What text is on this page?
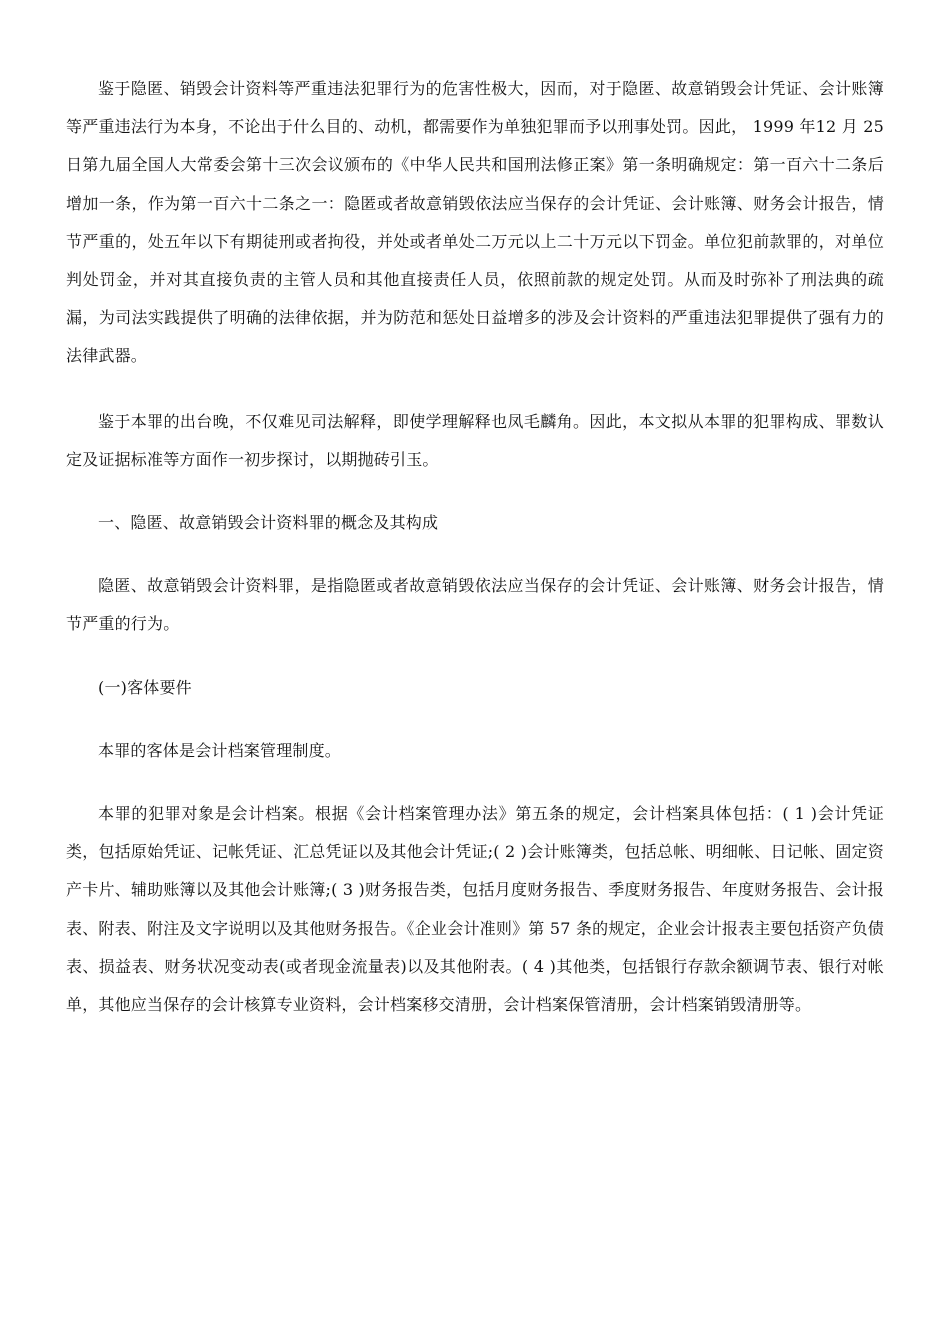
鉴于隐匿、销毁会计资料等严重违法犯罪行为的危害性极大，因而，对于隐匿、故意销毁会计凭证、会计账簿等严重违法行为本身，不论出于什么目的、动机，都需要作为单独犯罪而予以刑事处罚。因此， 1999 年12 月 25 日第九届全国人大常委会第十三次会议颁布的《中华人民共和国刑法修正案》第一条明确规定：第一百六十二条后增加一条，作为第一百六十二条之一：隐匿或者故意销毁依法应当保存的会计凭证、会计账簿、财务会计报告，情节严重的，处五年以下有期徒刑或者拘役，并处或者单处二万元以上二十万元以下罚金。单位犯前款罪的，对单位判处罚金，并对其直接负责的主管人员和其他直接责任人员，依照前款的规定处罚。从而及时弥补了刑法典的疏漏，为司法实践提供了明确的法律依据，并为防范和惩处日益增多的涉及会计资料的严重违法犯罪提供了强有力的法律武器。

鉴于本罪的出台晚，不仅难见司法解释，即使学理解释也凤毛麟角。因此，本文拟从本罪的犯罪构成、罪数认定及证据标准等方面作一初步探讨，以期抛砖引玉。

一、隐匿、故意销毁会计资料罪的概念及其构成

隐匿、故意销毁会计资料罪，是指隐匿或者故意销毁依法应当保存的会计凭证、会计账簿、财务会计报告，情节严重的行为。

(一)客体要件

本罪的客体是会计档案管理制度。

本罪的犯罪对象是会计档案。根据《会计档案管理办法》第五条的规定，会计档案具体包括：( 1 )会计凭证类，包括原始凭证、记帐凭证、汇总凭证以及其他会计凭证;( 2 )会计账簿类，包括总帐、明细帐、日记帐、固定资产卡片、辅助账簿以及其他会计账簿;( 3 )财务报告类，包括月度财务报告、季度财务报告、年度财务报告、会计报表、附表、附注及文字说明以及其他财务报告。《企业会计准则》第 57 条的规定，企业会计报表主要包括资产负债表、损益表、财务状况变动表(或者现金流量表)以及其他附表。( 4 )其他类，包括银行存款余额调节表、银行对帐单，其他应当保存的会计核算专业资料，会计档案移交清册，会计档案保管清册，会计档案销毁清册等。
